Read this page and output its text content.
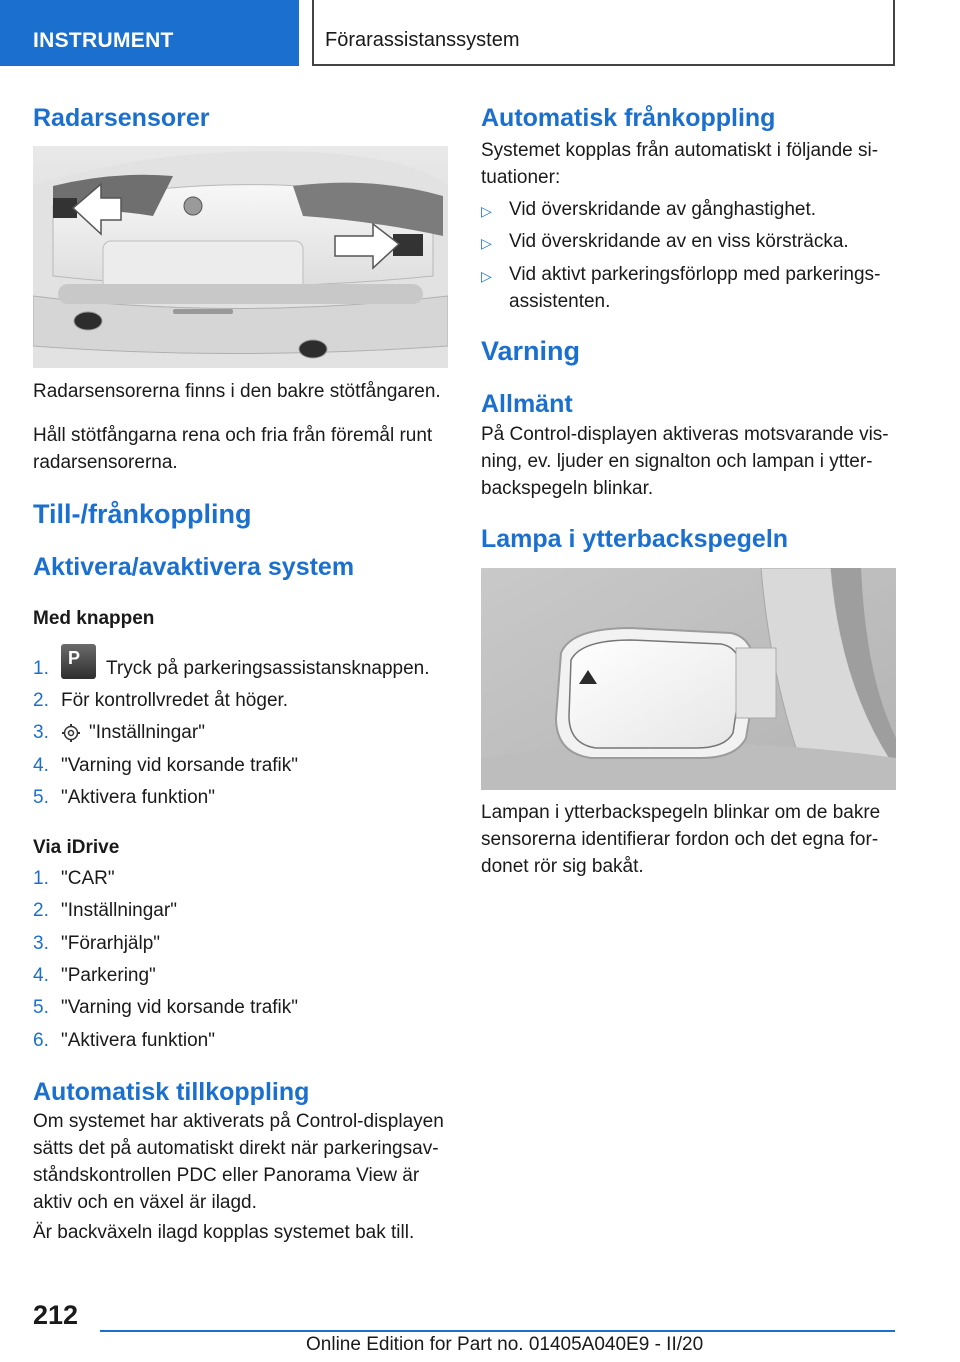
INSTRUMENT	Förarassistanssystem
Radarsensorer

Radarsensorerna finns i den bakre stötfångaren.

Håll stötfångarna rena och fria från föremål runt radarsensorerna.

Till-/frånkoppling
Aktivera/avaktivera system
Med knappen
1. P Tryck på parkeringsassistansknappen.
2. För kontrollvredet åt höger.
3. "Inställningar"
4. "Varning vid korsande trafik"
5. "Aktivera funktion"
Via iDrive
1. "CAR"
2. "Inställningar"
3. "Förarhjälp"
4. "Parkering"
5. "Varning vid korsande trafik"
6. "Aktivera funktion"
Automatisk tillkoppling

Om systemet har aktiverats på Control-displayen sätts det på automatiskt direkt när parkeringsavståndskontrollen PDC eller Panorama View är aktiv och en växel är ilagd.

Är backväxeln ilagd kopplas systemet bak till.

Automatisk frånkoppling

Systemet kopplas från automatiskt i följande situationer:

▷ Vid överskridande av gånghastighet.
▷ Vid överskridande av en viss körsträcka.
▷ Vid aktivt parkeringsförlopp med parkeringsassistenten.
Varning
Allmänt

På Control-displayen aktiveras motsvarande visning, ev. ljuder en signalton och lampan i ytterbackspegeln blinkar.

Lampa i ytterbackspegeln

Lampan i ytterbackspegeln blinkar om de bakre sensorerna identifierar fordon och det egna fordonet rör sig bakåt.

212
Online Edition for Part no. 01405A040E9 - II/20
